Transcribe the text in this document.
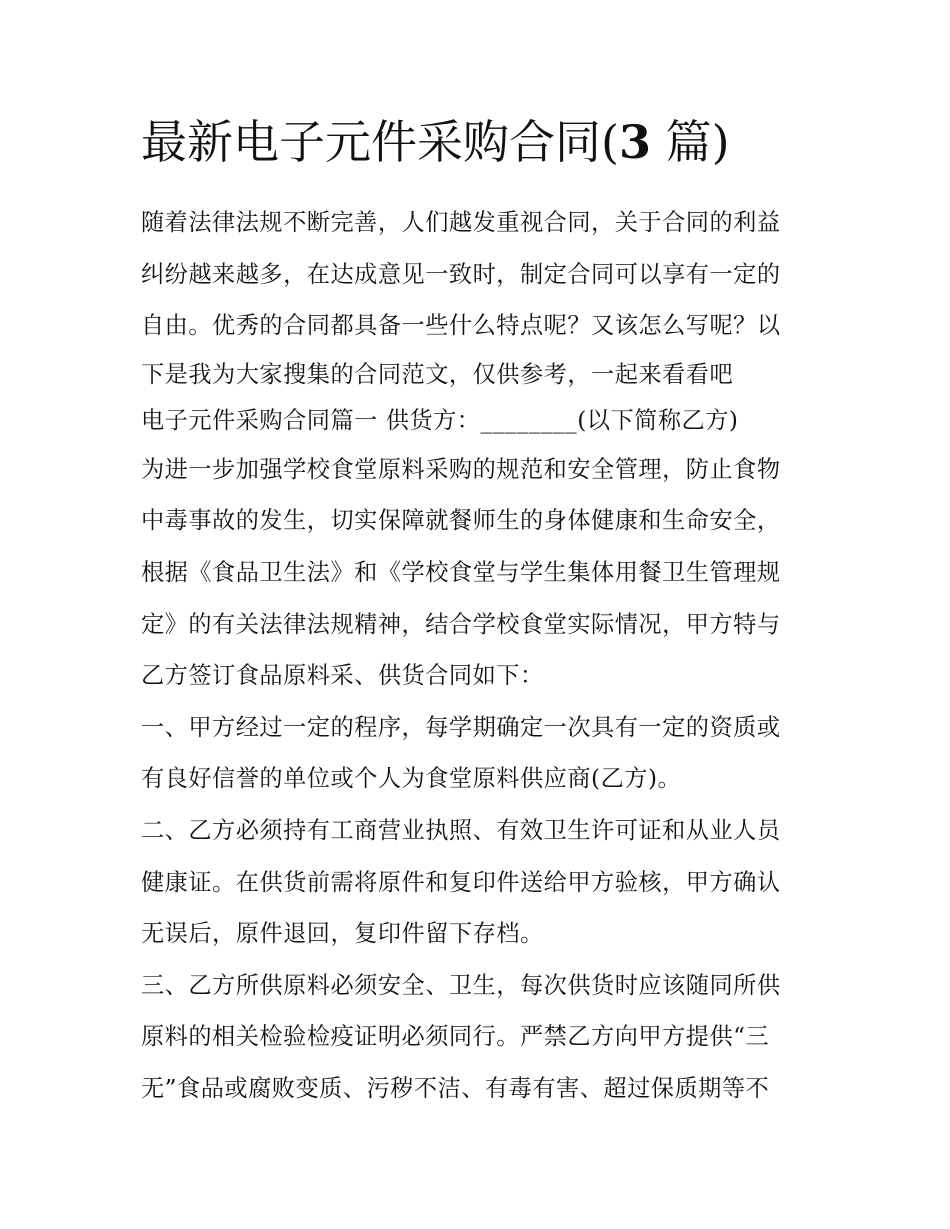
最新电子元件采购合同(3 篇)
随着法律法规不断完善，人们越发重视合同，关于合同的利益
纠纷越来越多，在达成意见一致时，制定合同可以享有一定的
自由。优秀的合同都具备一些什么特点呢？又该怎么写呢？以
下是我为大家搜集的合同范文，仅供参考，一起来看看吧
电子元件采购合同篇一 供货方：________(以下简称乙方)
为进一步加强学校食堂原料采购的规范和安全管理，防止食物
中毒事故的发生，切实保障就餐师生的身体健康和生命安全，
根据《食品卫生法》和《学校食堂与学生集体用餐卫生管理规
定》的有关法律法规精神，结合学校食堂实际情况，甲方特与
乙方签订食品原料采、供货合同如下：
一、甲方经过一定的程序，每学期确定一次具有一定的资质或
有良好信誉的单位或个人为食堂原料供应商(乙方)。
二、乙方必须持有工商营业执照、有效卫生许可证和从业人员
健康证。在供货前需将原件和复印件送给甲方验核，甲方确认
无误后，原件退回，复印件留下存档。
三、乙方所供原料必须安全、卫生，每次供货时应该随同所供
原料的相关检验检疫证明必须同行。严禁乙方向甲方提供“三
无”食品或腐败变质、污秽不洁、有毒有害、超过保质期等不
